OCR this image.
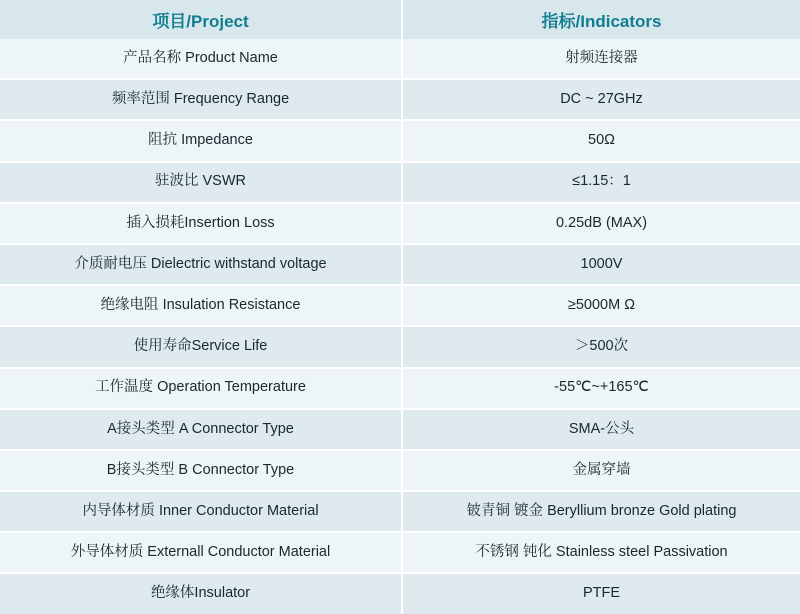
项目/Project	指标/Indicators
产品名称 Product Name	射频连接器
频率范围 Frequency Range	DC ~ 27GHz
阻抗 Impedance	50Ω
驻波比 VSWR	≤1.15：1
插入损耗Insertion Loss	0.25dB (MAX)
介质耐电压 Dielectric withstand voltage	1000V
绝缘电阻 Insulation Resistance	≥5000M Ω
使用寿命Service Life	＞500次
工作温度 Operation Temperature	-55℃~+165℃
A接头类型 A Connector Type	SMA-公头
B接头类型 B Connector Type	金属穿墙
内导体材质 Inner Conductor Material	铍青铜 镀金 Beryllium bronze Gold plating
外导体材质 Externall Conductor Material	不锈钢 钝化 Stainless steel Passivation
绝缘体Insulator	PTFE
